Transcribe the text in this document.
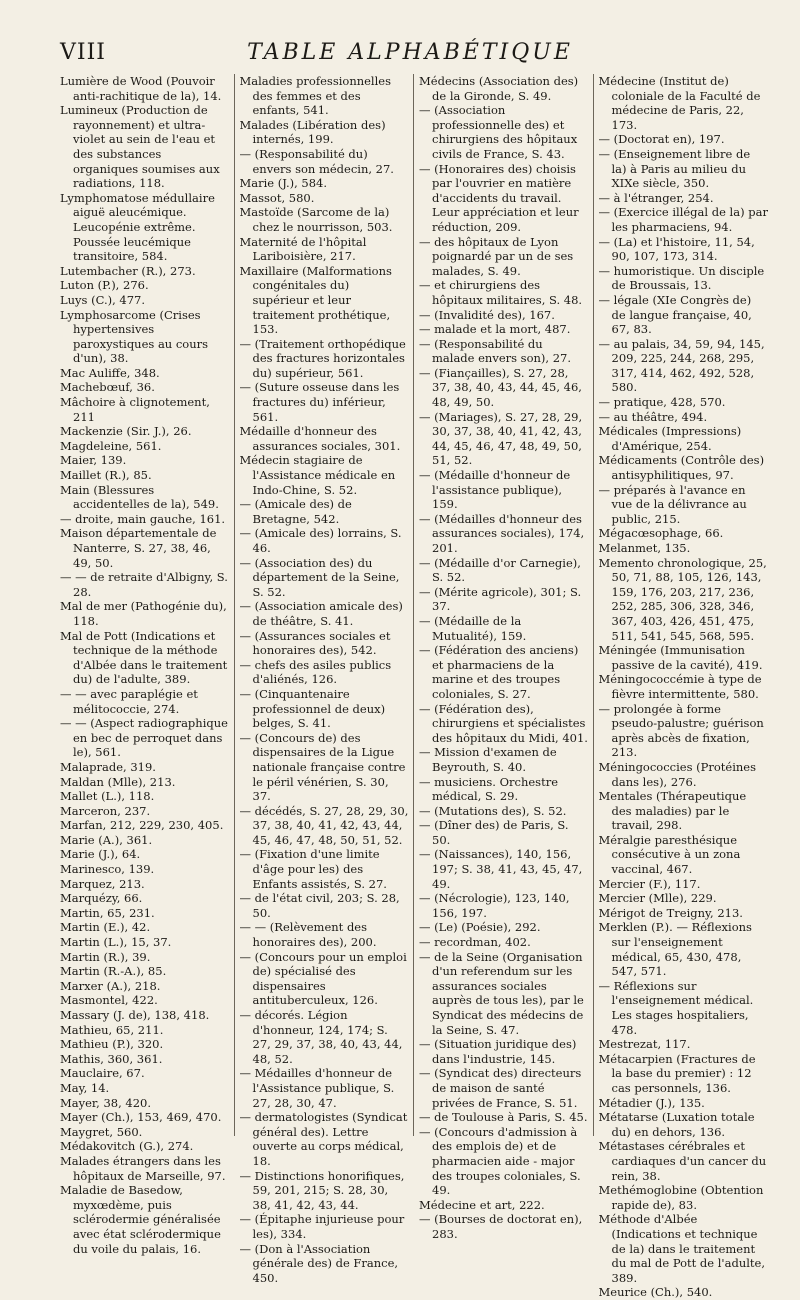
VIII	TABLE ALPHABÉTIQUE

Lumière de Wood (Pouvoir anti-rachitique de la), 14.

Lumineux (Production de rayonnement) et ultra-violet au sein de l'eau et des substances organiques soumises aux radiations, 118.

Lymphomatose médullaire aiguë aleucémique. Leucopénie extrême. Poussée leucémique transitoire, 584.

Lutembacher (R.), 273.

Luton (P.), 276.

Luys (C.), 477.

Lymphosarcome (Crises hypertensives paroxystiques au cours d'un), 38.

Mac Auliffe, 348.

Machebœuf, 36.

Mâchoire à clignotement, 211

Mackenzie (Sir. J.), 26.

Magdeleine, 561.

Maier, 139.

Maillet (R.), 85.

Main (Blessures accidentelles de la), 549.

— droite, main gauche, 161.

Maison départementale de Nanterre, S. 27, 38, 46, 49, 50.

— — de retraite d'Albigny, S. 28.

Mal de mer (Pathogénie du), 118.

Mal de Pott (Indications et technique de la méthode d'Albée dans le traitement du) de l'adulte, 389.

— — avec paraplégie et mélitococcie, 274.

— — (Aspect radiographique en bec de perroquet dans le), 561.

Malaprade, 319.

Maldan (Mlle), 213.

Mallet (L.), 118.

Marceron, 237.

Marfan, 212, 229, 230, 405.

Marie (A.), 361.

Marie (J.), 64.

Marinesco, 139.

Marquez, 213.

Marquézy, 66.

Martin, 65, 231.

Martin (E.), 42.

Martin (L.), 15, 37.

Martin (R.), 39.

Martin (R.-A.), 85.

Marxer (A.), 218.

Masmontel, 422.

Massary (J. de), 138, 418.

Mathieu, 65, 211.

Mathieu (P.), 320.

Mathis, 360, 361.

Mauclaire, 67.

May, 14.

Mayer, 38, 420.

Mayer (Ch.), 153, 469, 470.

Maygret, 560.

Médakovitch (G.), 274.

Malades étrangers dans les hôpitaux de Marseille, 97.

Maladie de Basedow, myxœdème, puis sclérodermie généralisée avec état sclérodermique du voile du palais, 16.

Maladies professionnelles des femmes et des enfants, 541.

Malades (Libération des) internés, 199.

— (Responsabilité du) envers son médecin, 27.

Marie (J.), 584.

Massot, 580.

Mastoïde (Sarcome de la) chez le nourrisson, 503.

Maternité de l'hôpital Lariboisière, 217.

Maxillaire (Malformations congénitales du) supérieur et leur traitement prothétique, 153.

— (Traitement orthopédique des fractures horizontales du) supérieur, 561.

— (Suture osseuse dans les fractures du) inférieur, 561.

Médaille d'honneur des assurances sociales, 301.

Médecin stagiaire de l'Assistance médicale en Indo-Chine, S. 52.

— (Amicale des) de Bretagne, 542.

— (Amicale des) lorrains, S. 46.

— (Association des) du département de la Seine, S. 52.

— (Association amicale des) de théâtre, S. 41.

— (Assurances sociales et honoraires des), 542.

— chefs des asiles publics d'aliénés, 126.

— (Cinquantenaire professionnel de deux) belges, S. 41.

— (Concours de) des dispensaires de la Ligue nationale française contre le péril vénérien, S. 30, 37.

— décédés, S. 27, 28, 29, 30, 37, 38, 40, 41, 42, 43, 44, 45, 46, 47, 48, 50, 51, 52.

— (Fixation d'une limite d'âge pour les) des Enfants assistés, S. 27.

— de l'état civil, 203; S. 28, 50.

— — (Relèvement des honoraires des), 200.

— (Concours pour un emploi de) spécialisé des dispensaires antituberculeux, 126.

— décorés. Légion d'honneur, 124, 174; S. 27, 29, 37, 38, 40, 43, 44, 48, 52.

— Médailles d'honneur de l'Assistance publique, S. 27, 28, 30, 47.

— dermatologistes (Syndicat général des). Lettre ouverte au corps médical, 18.

— Distinctions honorifiques, 59, 201, 215; S. 28, 30, 38, 41, 42, 43, 44.

— (Épitaphe injurieuse pour les), 334.

— (Don à l'Association générale des) de France, 450.

Médecins (Association des) de la Gironde, S. 49.

— (Association professionnelle des) et chirurgiens des hôpitaux civils de France, S. 43.

— (Honoraires des) choisis par l'ouvrier en matière d'accidents du travail. Leur appréciation et leur réduction, 209.

— des hôpitaux de Lyon poignardé par un de ses malades, S. 49.

— et chirurgiens des hôpitaux militaires, S. 48.

— (Invalidité des), 167.

— malade et la mort, 487.

— (Responsabilité du malade envers son), 27.

— (Fiançailles), S. 27, 28, 37, 38, 40, 43, 44, 45, 46, 48, 49, 50.

— (Mariages), S. 27, 28, 29, 30, 37, 38, 40, 41, 42, 43, 44, 45, 46, 47, 48, 49, 50, 51, 52.

— (Médaille d'honneur de l'assistance publique), 159.

— (Médailles d'honneur des assurances sociales), 174, 201.

— (Médaille d'or Carnegie), S. 52.

— (Mérite agricole), 301; S. 37.

— (Médaille de la Mutualité), 159.

— (Fédération des anciens) et pharmaciens de la marine et des troupes coloniales, S. 27.

— (Fédération des), chirurgiens et spécialistes des hôpitaux du Midi, 401.

— Mission d'examen de Beyrouth, S. 40.

— musiciens. Orchestre médical, S. 29.

— (Mutations des), S. 52.

— (Dîner des) de Paris, S. 50.

— (Naissances), 140, 156, 197; S. 38, 41, 43, 45, 47, 49.

— (Nécrologie), 123, 140, 156, 197.

— (Le) (Poésie), 292.

— recordman, 402.

— de la Seine (Organisation d'un referendum sur les assurances sociales auprès de tous les), par le Syndicat des médecins de la Seine, S. 47.

— (Situation juridique des) dans l'industrie, 145.

— (Syndicat des) directeurs de maison de santé privées de France, S. 51.

— de Toulouse à Paris, S. 45.

— (Concours d'admission à des emplois de) et de pharmacien aide - major des troupes coloniales, S. 49.

Médecine et art, 222.

— (Bourses de doctorat en), 283.

Médecine (Institut de) coloniale de la Faculté de médecine de Paris, 22, 173.

— (Doctorat en), 197.

— (Enseignement libre de la) à Paris au milieu du XIXe siècle, 350.

— à l'étranger, 254.

— (Exercice illégal de la) par les pharmaciens, 94.

— (La) et l'histoire, 11, 54, 90, 107, 173, 314.

— humoristique. Un disciple de Broussais, 13.

— légale (XIe Congrès de) de langue française, 40, 67, 83.

— au palais, 34, 59, 94, 145, 209, 225, 244, 268, 295, 317, 414, 462, 492, 528, 580.

— pratique, 428, 570.

— au théâtre, 494.

Médicales (Impressions) d'Amérique, 254.

Médicaments (Contrôle des) antisyphilitiques, 97.

— préparés à l'avance en vue de la délivrance au public, 215.

Mégacœsophage, 66.

Melanmet, 135.

Memento chronologique, 25, 50, 71, 88, 105, 126, 143, 159, 176, 203, 217, 236, 252, 285, 306, 328, 346, 367, 403, 426, 451, 475, 511, 541, 545, 568, 595.

Méningée (Immunisation passive de la cavité), 419.

Méningococcémie à type de fièvre intermittente, 580.

— prolongée à forme pseudo-palustre; guérison après abcès de fixation, 213.

Méningococcies (Protéines dans les), 276.

Mentales (Thérapeutique des maladies) par le travail, 298.

Méralgie paresthésique consécutive à un zona vaccinal, 467.

Mercier (F.), 117.

Mercier (Mlle), 229.

Mérigot de Treigny, 213.

Merklen (P.). — Réflexions sur l'enseignement médical, 65, 430, 478, 547, 571.

— Réflexions sur l'enseignement médical. Les stages hospitaliers, 478.

Mestrezat, 117.

Métacarpien (Fractures de la base du premier) : 12 cas personnels, 136.

Métadier (J.), 135.

Métatarse (Luxation totale du) en dehors, 136.

Métastases cérébrales et cardiaques d'un cancer du rein, 38.

Methémoglobine (Obtention rapide de), 83.

Méthode d'Albée (Indications et technique de la) dans le traitement du mal de Pott de l'adulte, 389.

Meurice (Ch.), 540.
